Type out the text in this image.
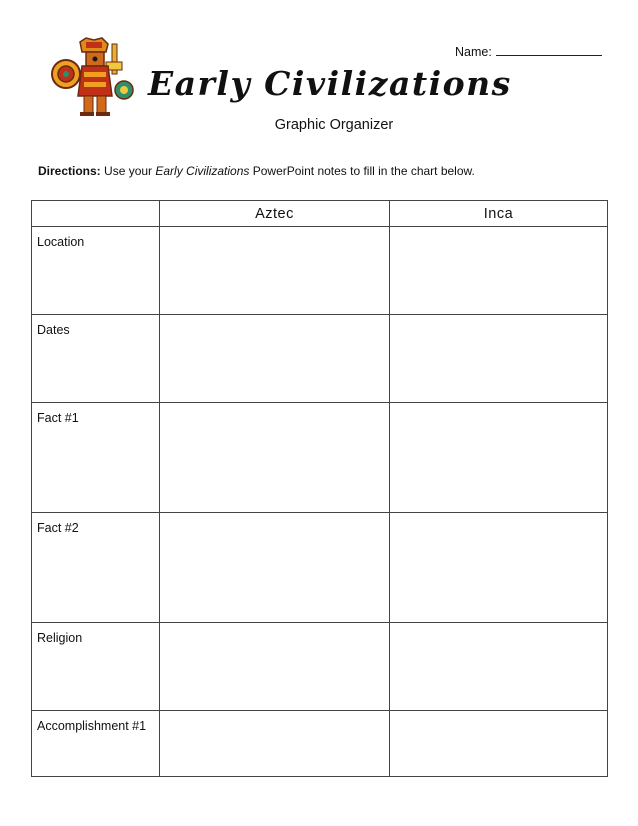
Name:
Early Civilizations
Graphic Organizer
Directions: Use your Early Civilizations PowerPoint notes to fill in the chart below.
	Aztec	Inca
Location		
Dates		
Fact #1		
Fact #2		
Religion		
Accomplishment #1		
